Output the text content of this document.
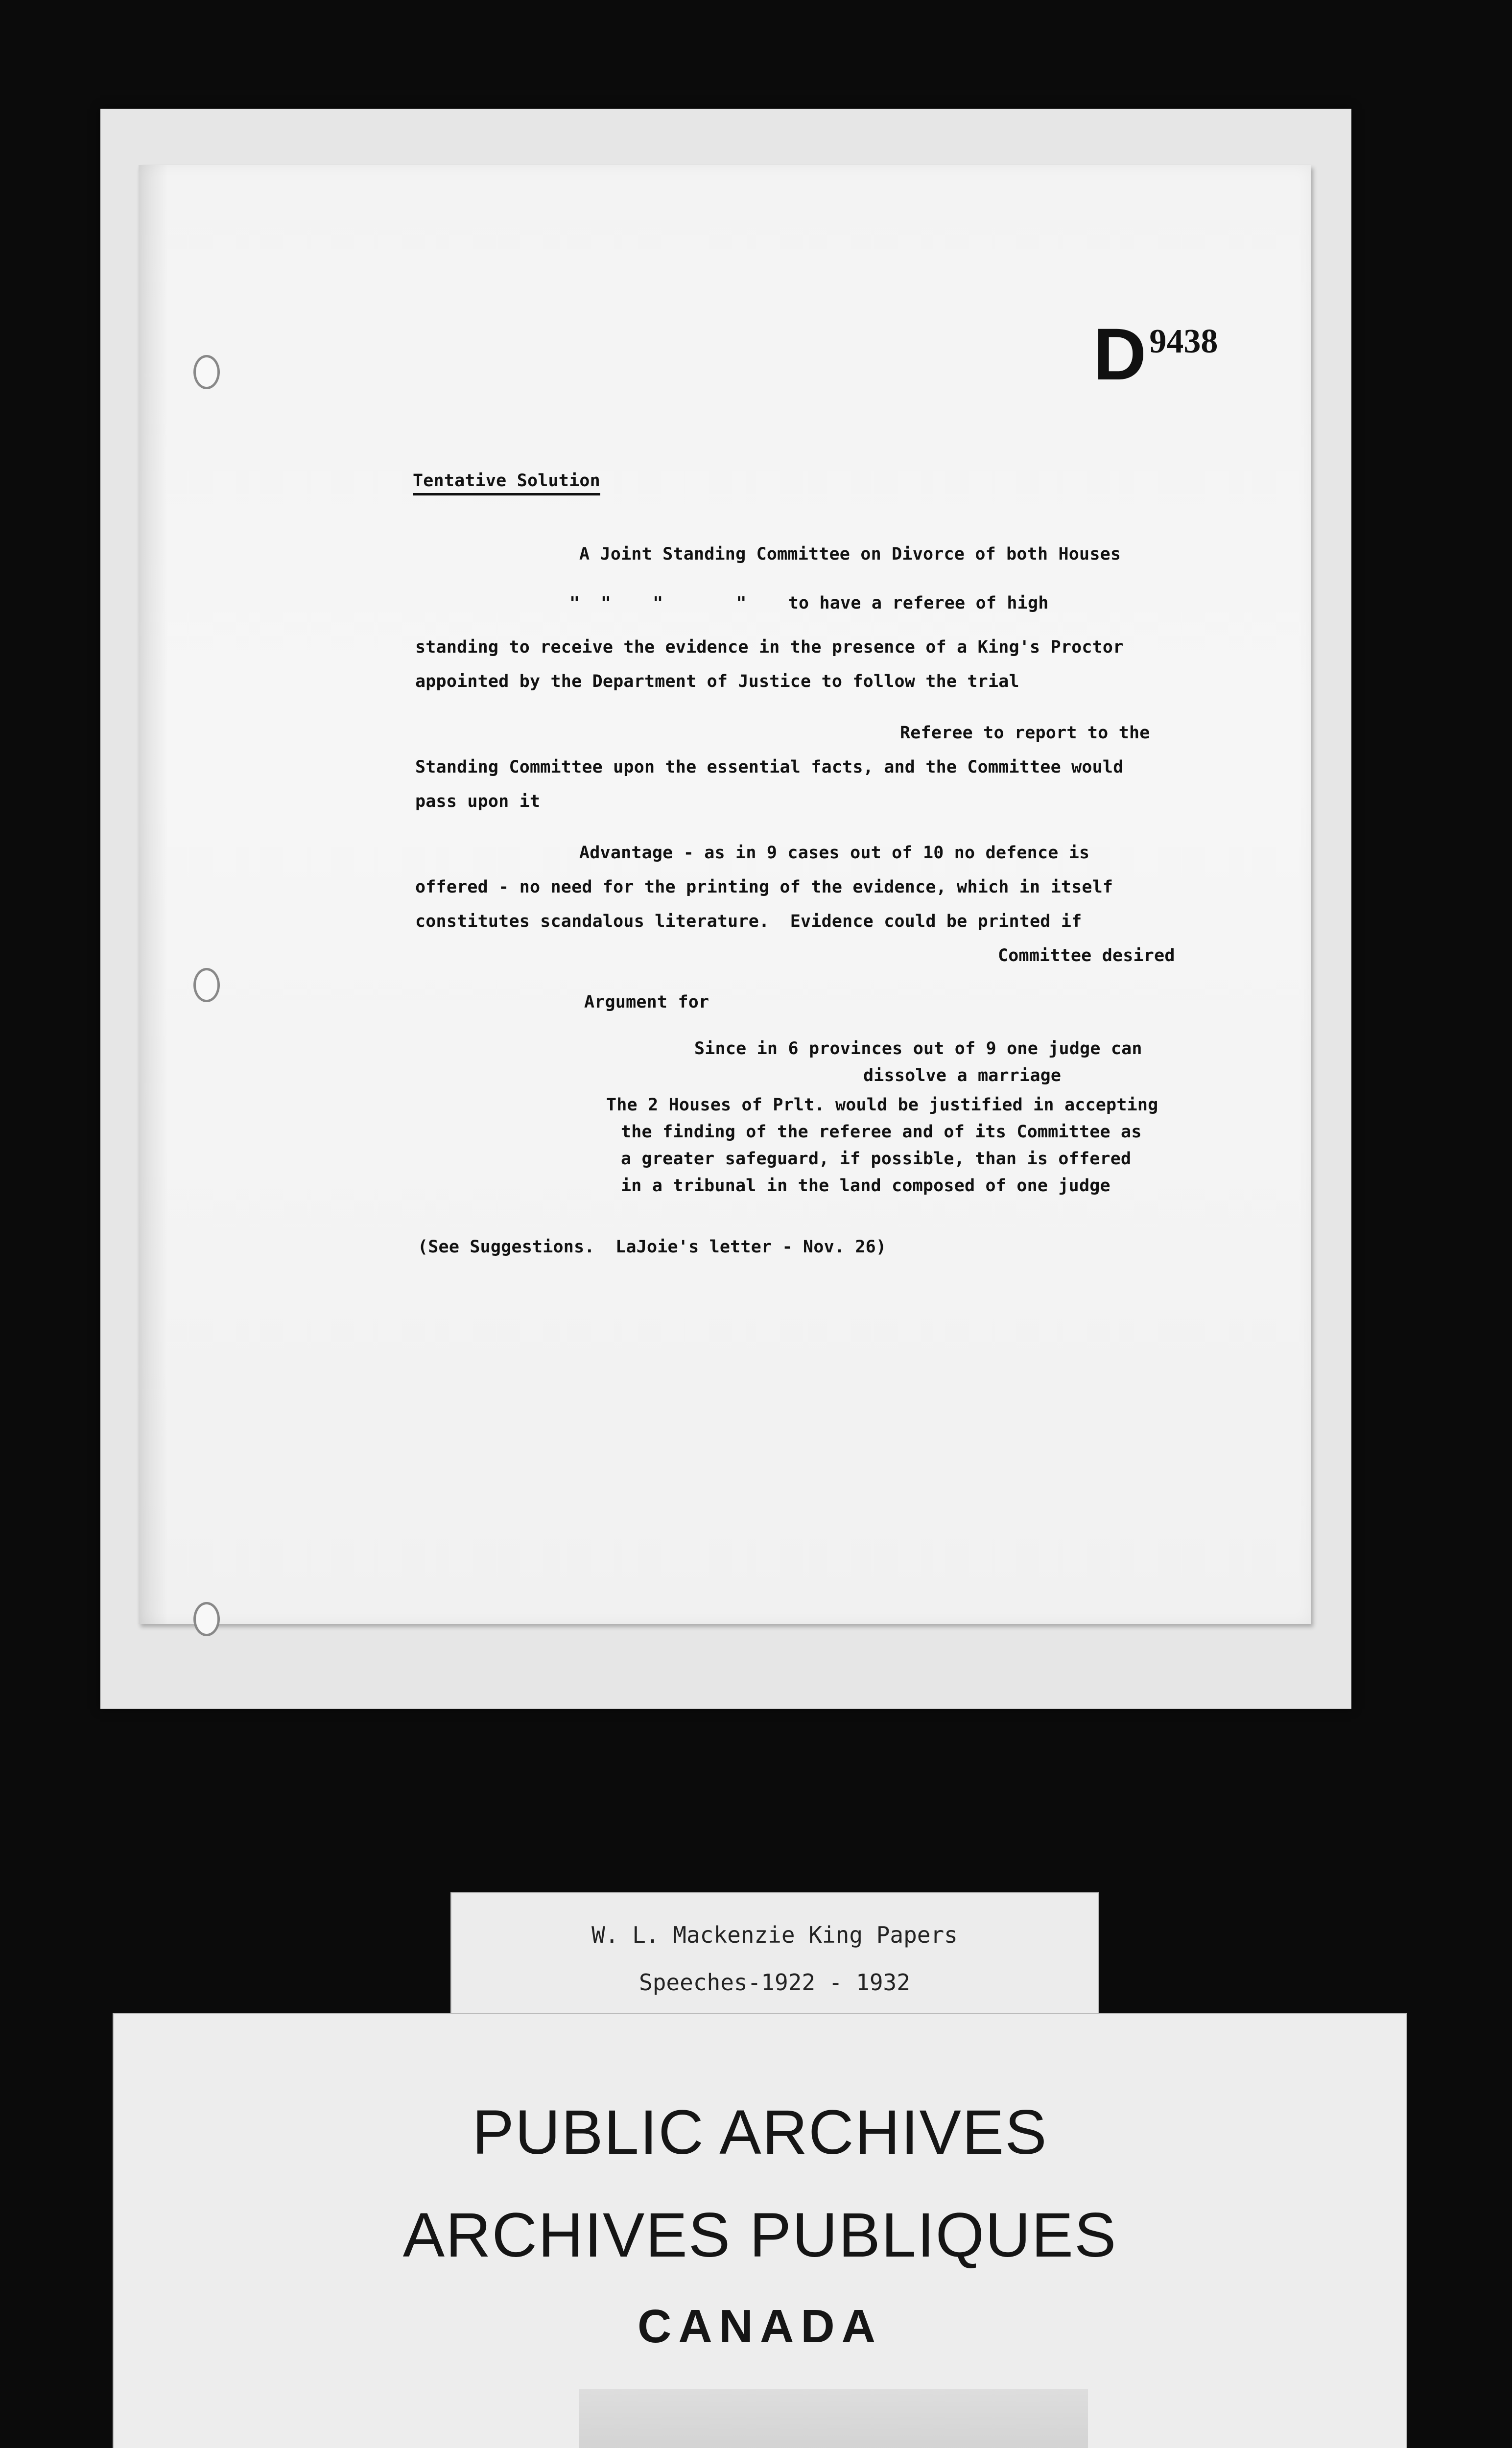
D 9438
Tentative Solution
A Joint Standing Committee on Divorce of both Houses
"  "    "       "    to have a referee of high
standing to receive the evidence in the presence of a King's Proctor
appointed by the Department of Justice to follow the trial
Referee to report to the
Standing Committee upon the essential facts, and the Committee would
pass upon it
Advantage - as in 9 cases out of 10 no defence is
offered - no need for the printing of the evidence, which in itself
constitutes scandalous literature.  Evidence could be printed if
Committee desired
Argument for
Since in 6 provinces out of 9 one judge can
dissolve a marriage
The 2 Houses of Prlt. would be justified in accepting
the finding of the referee and of its Committee as
a greater safeguard, if possible, than is offered
in a tribunal in the land composed of one judge
(See Suggestions.  LaJoie's letter - Nov. 26)
W. L. Mackenzie King Papers
Speeches-1922 - 1932
PUBLIC ARCHIVES
ARCHIVES PUBLIQUES
CANADA
